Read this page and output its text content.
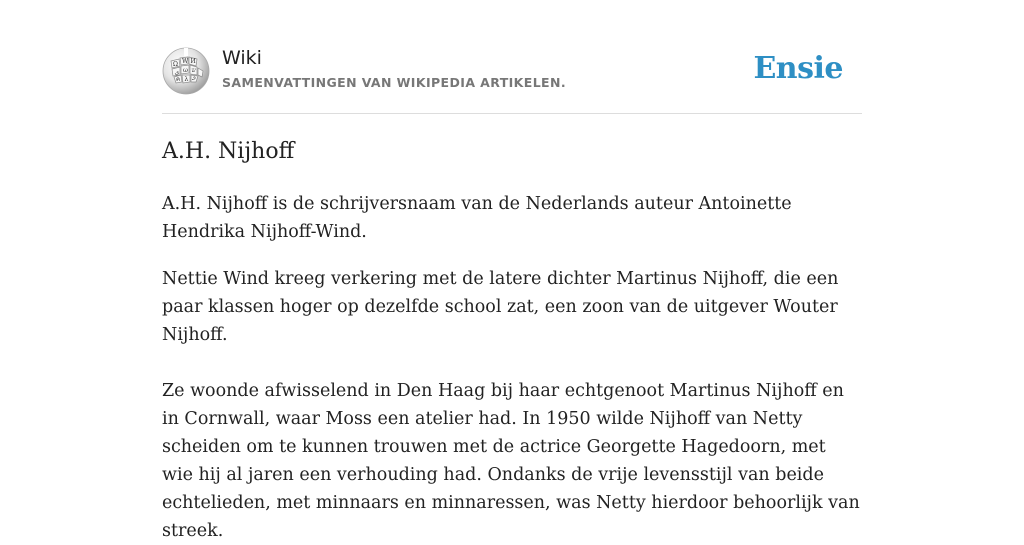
Ω W И
ي ω ש
ค λ ጋ
Wiki
SAMENVATTINGEN VAN WIKIPEDIA ARTIKELEN.	Ensie
A.H. Nijhoff

A.H. Nijhoff is de schrijversnaam van de Nederlands auteur Antoinette Hendrika Nijhoff-Wind.

Nettie Wind kreeg verkering met de latere dichter Martinus Nijhoff, die een paar klassen hoger op dezelfde school zat, een zoon van de uitgever Wouter Nijhoff.

Ze woonde afwisselend in Den Haag bij haar echtgenoot Martinus Nijhoff en in Cornwall, waar Moss een atelier had. In 1950 wilde Nijhoff van Netty scheiden om te kunnen trouwen met de actrice Georgette Hagedoorn, met wie hij al jaren een verhouding had. Ondanks de vrije levensstijl van beide echtelieden, met minnaars en minnaressen, was Netty hierdoor behoorlijk van streek.
